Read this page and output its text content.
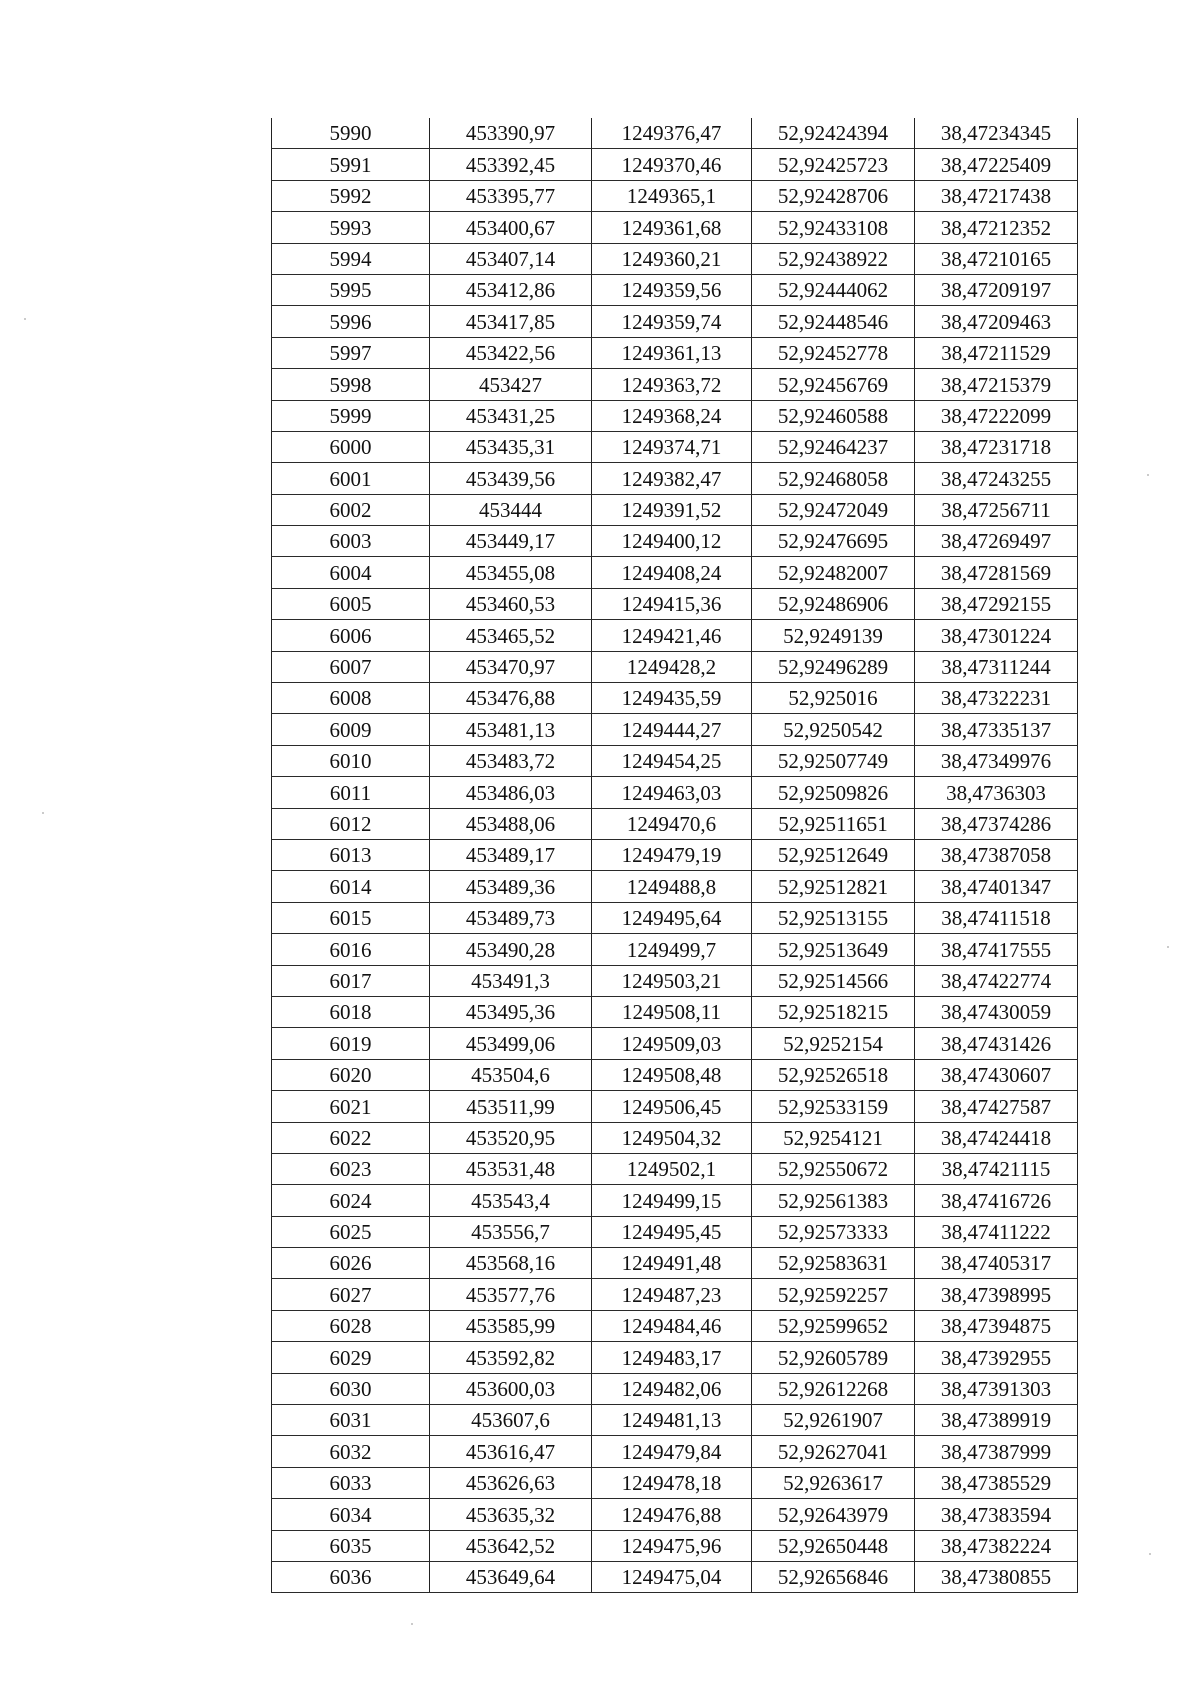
5990	453390,97	1249376,47	52,92424394	38,47234345
5991	453392,45	1249370,46	52,92425723	38,47225409
5992	453395,77	1249365,1	52,92428706	38,47217438
5993	453400,67	1249361,68	52,92433108	38,47212352
5994	453407,14	1249360,21	52,92438922	38,47210165
5995	453412,86	1249359,56	52,92444062	38,47209197
5996	453417,85	1249359,74	52,92448546	38,47209463
5997	453422,56	1249361,13	52,92452778	38,47211529
5998	453427	1249363,72	52,92456769	38,47215379
5999	453431,25	1249368,24	52,92460588	38,47222099
6000	453435,31	1249374,71	52,92464237	38,47231718
6001	453439,56	1249382,47	52,92468058	38,47243255
6002	453444	1249391,52	52,92472049	38,47256711
6003	453449,17	1249400,12	52,92476695	38,47269497
6004	453455,08	1249408,24	52,92482007	38,47281569
6005	453460,53	1249415,36	52,92486906	38,47292155
6006	453465,52	1249421,46	52,9249139	38,47301224
6007	453470,97	1249428,2	52,92496289	38,47311244
6008	453476,88	1249435,59	52,925016	38,47322231
6009	453481,13	1249444,27	52,9250542	38,47335137
6010	453483,72	1249454,25	52,92507749	38,47349976
6011	453486,03	1249463,03	52,92509826	38,4736303
6012	453488,06	1249470,6	52,92511651	38,47374286
6013	453489,17	1249479,19	52,92512649	38,47387058
6014	453489,36	1249488,8	52,92512821	38,47401347
6015	453489,73	1249495,64	52,92513155	38,47411518
6016	453490,28	1249499,7	52,92513649	38,47417555
6017	453491,3	1249503,21	52,92514566	38,47422774
6018	453495,36	1249508,11	52,92518215	38,47430059
6019	453499,06	1249509,03	52,9252154	38,47431426
6020	453504,6	1249508,48	52,92526518	38,47430607
6021	453511,99	1249506,45	52,92533159	38,47427587
6022	453520,95	1249504,32	52,9254121	38,47424418
6023	453531,48	1249502,1	52,92550672	38,47421115
6024	453543,4	1249499,15	52,92561383	38,47416726
6025	453556,7	1249495,45	52,92573333	38,47411222
6026	453568,16	1249491,48	52,92583631	38,47405317
6027	453577,76	1249487,23	52,92592257	38,47398995
6028	453585,99	1249484,46	52,92599652	38,47394875
6029	453592,82	1249483,17	52,92605789	38,47392955
6030	453600,03	1249482,06	52,92612268	38,47391303
6031	453607,6	1249481,13	52,9261907	38,47389919
6032	453616,47	1249479,84	52,92627041	38,47387999
6033	453626,63	1249478,18	52,9263617	38,47385529
6034	453635,32	1249476,88	52,92643979	38,47383594
6035	453642,52	1249475,96	52,92650448	38,47382224
6036	453649,64	1249475,04	52,92656846	38,47380855
